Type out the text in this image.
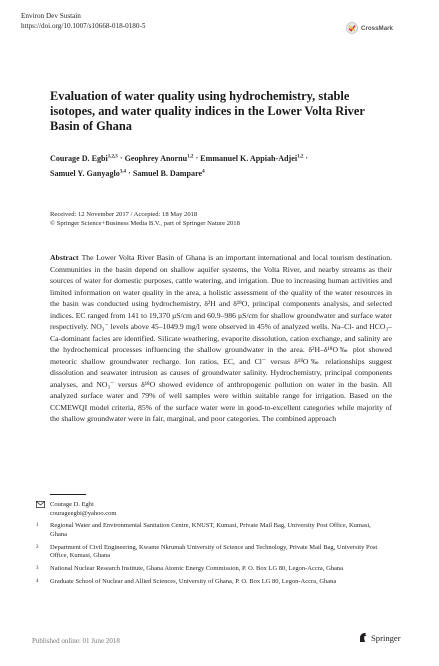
Environ Dev Sustain
https://doi.org/10.1007/s10668-018-0180-5	CrossMark
Evaluation of water quality using hydrochemistry, stable isotopes, and water quality indices in the Lower Volta River Basin of Ghana
Courage D. Egbi$^{1,2,3}$ · Geophrey Anornu$^{1,2}$ · Emmanuel K. Appiah-Adjei$^{1,2}$ ·
Samuel Y. Ganyaglo$^{3,4}$ · Samuel B. Dampare$^4$
Received: 12 November 2017 / Accepted: 18 May 2018
© Springer Science+Business Media B.V., part of Springer Nature 2018

Abstract The Lower Volta River Basin of Ghana is an important international and local tourism destination. Communities in the basin depend on shallow aquifer systems, the Volta River, and nearby streams as their sources of water for domestic purposes, cattle watering, and irrigation. Due to increasing human activities and limited information on water quality in the area, a holistic assessment of the quality of the water resources in the basin was conducted using hydrochemistry, δ²H and δ¹⁸O, principal components analysis, and selected indices. EC ranged from 141 to 19,370 μS/cm and 60.9–986 μS/cm for shallow groundwater and surface water respectively. NO₃⁻ levels above 45–1049.9 mg/l were observed in 45% of analyzed wells. Na–Cl- and HCO₃–Ca-dominant facies are identified. Silicate weathering, evaporite dissolution, cation exchange, and salinity are the hydrochemical processes influencing the shallow groundwater in the area. δ²H–δ¹⁸O‰ plot showed meteoric shallow groundwater recharge. Ion ratios, EC, and Cl⁻ versus δ¹⁸O‰ relationships suggest dissolution and seawater intrusion as causes of groundwater salinity. Hydrochemistry, principal components analyses, and NO₃⁻ versus δ¹⁸O showed evidence of anthropogenic pollution on water in the basin. All analyzed surface water and 79% of well samples were within suitable range for irrigation. Based on the CCMEWQI model criteria, 85% of the surface water were in good-to-excellent categories while majority of the shallow groundwater were in fair, marginal, and poor categories. The combined approach

Courage D. Egbi
courageegbi@yahoo.com
1	Regional Water and Environmental Sanitation Centre, KNUST, Kumasi, Private Mail Bag, University Post Office, Kumasi, Ghana
2	Department of Civil Engineering, Kwame Nkrumah University of Science and Technology, Private Mail Bag, University Post Office, Kumasi, Ghana
3	National Nuclear Research Institute, Ghana Atomic Energy Commission, P. O. Box LG 80, Legon-Accra, Ghana
4	Graduate School of Nuclear and Allied Sciences, University of Ghana, P. O. Box LG 80, Legon-Accra, Ghana
Published online: 01 June 2018	Springer
